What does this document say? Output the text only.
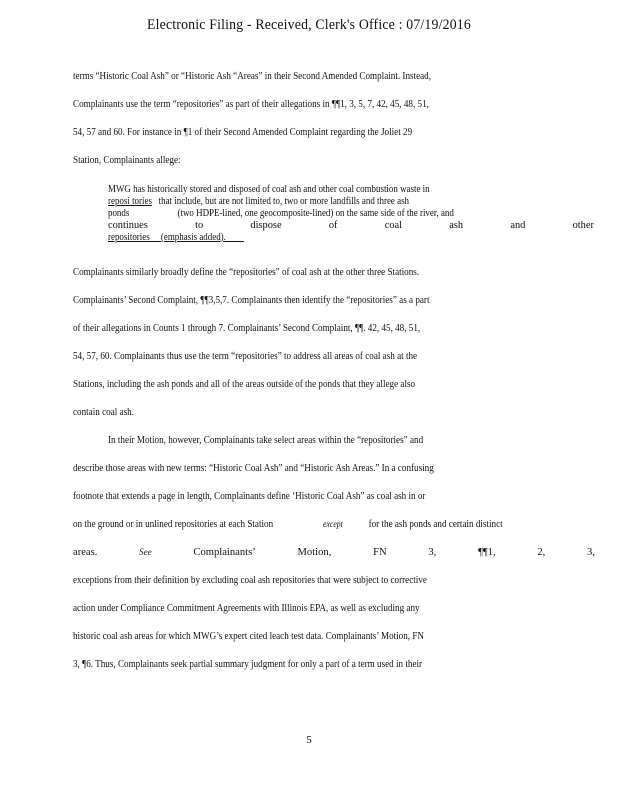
Electronic Filing - Received, Clerk's Office : 07/19/2016
terms “Historic Coal Ash” or “Historic Ash “Areas” in their Second Amended Complaint. Instead,
Complainants use the term “repositories” as part of their allegations in ¶¶1, 3, 5, 7, 42, 45, 48, 51,
54, 57 and 60. For instance in ¶1 of their Second Amended Complaint regarding the Joliet 29
Station, Complainants allege:
MWG has historically stored and disposed of coal ash and other coal combustion waste in
reposi tories that include, but are not limited to, two or more landfills and three ash
ponds	(two HDPE-lined, one geocomposite-lined) on the same side of the river, and
continues	to	dispose	of	coal	ash	and	other
repositories (emphasis added).
Complainants similarly broadly define the “repositories” of coal ash at the other three Stations.
Complainants’ Second Complaint, ¶¶3,5,7. Complainants then identify the “repositories” as a part
of their allegations in Counts 1 through 7. Complainants’ Second Complaint, ¶¶. 42, 45, 48, 51,
54, 57, 60. Complainants thus use the term “repositories” to address all areas of coal ash at the
Stations, including the ash ponds and all of the areas outside of the ponds that they allege also
contain coal ash.
In their Motion, however, Complainants take select areas within the “repositories” and
describe those areas with new terms: “Historic Coal Ash” and “Historic Ash Areas.” In a confusing
footnote that extends a page in length, Complainants define ‘Historic Coal Ash” as coal ash in or
on the ground or in unlined repositories at each Station	except for the ash ponds and certain distinct
areas.	See	Complainants’	Motion,	FN	3,	¶¶1,	2,	3,
exceptions from their definition by excluding coal ash repositories that were subject to corrective
action under Compliance Commitment Agreements with Illinois EPA, as well as excluding any
historic coal ash areas for which MWG’s expert cited leach test data. Complainants’ Motion, FN
3, ¶6. Thus, Complainants seek partial summary judgment for only a part of a term used in their
5
